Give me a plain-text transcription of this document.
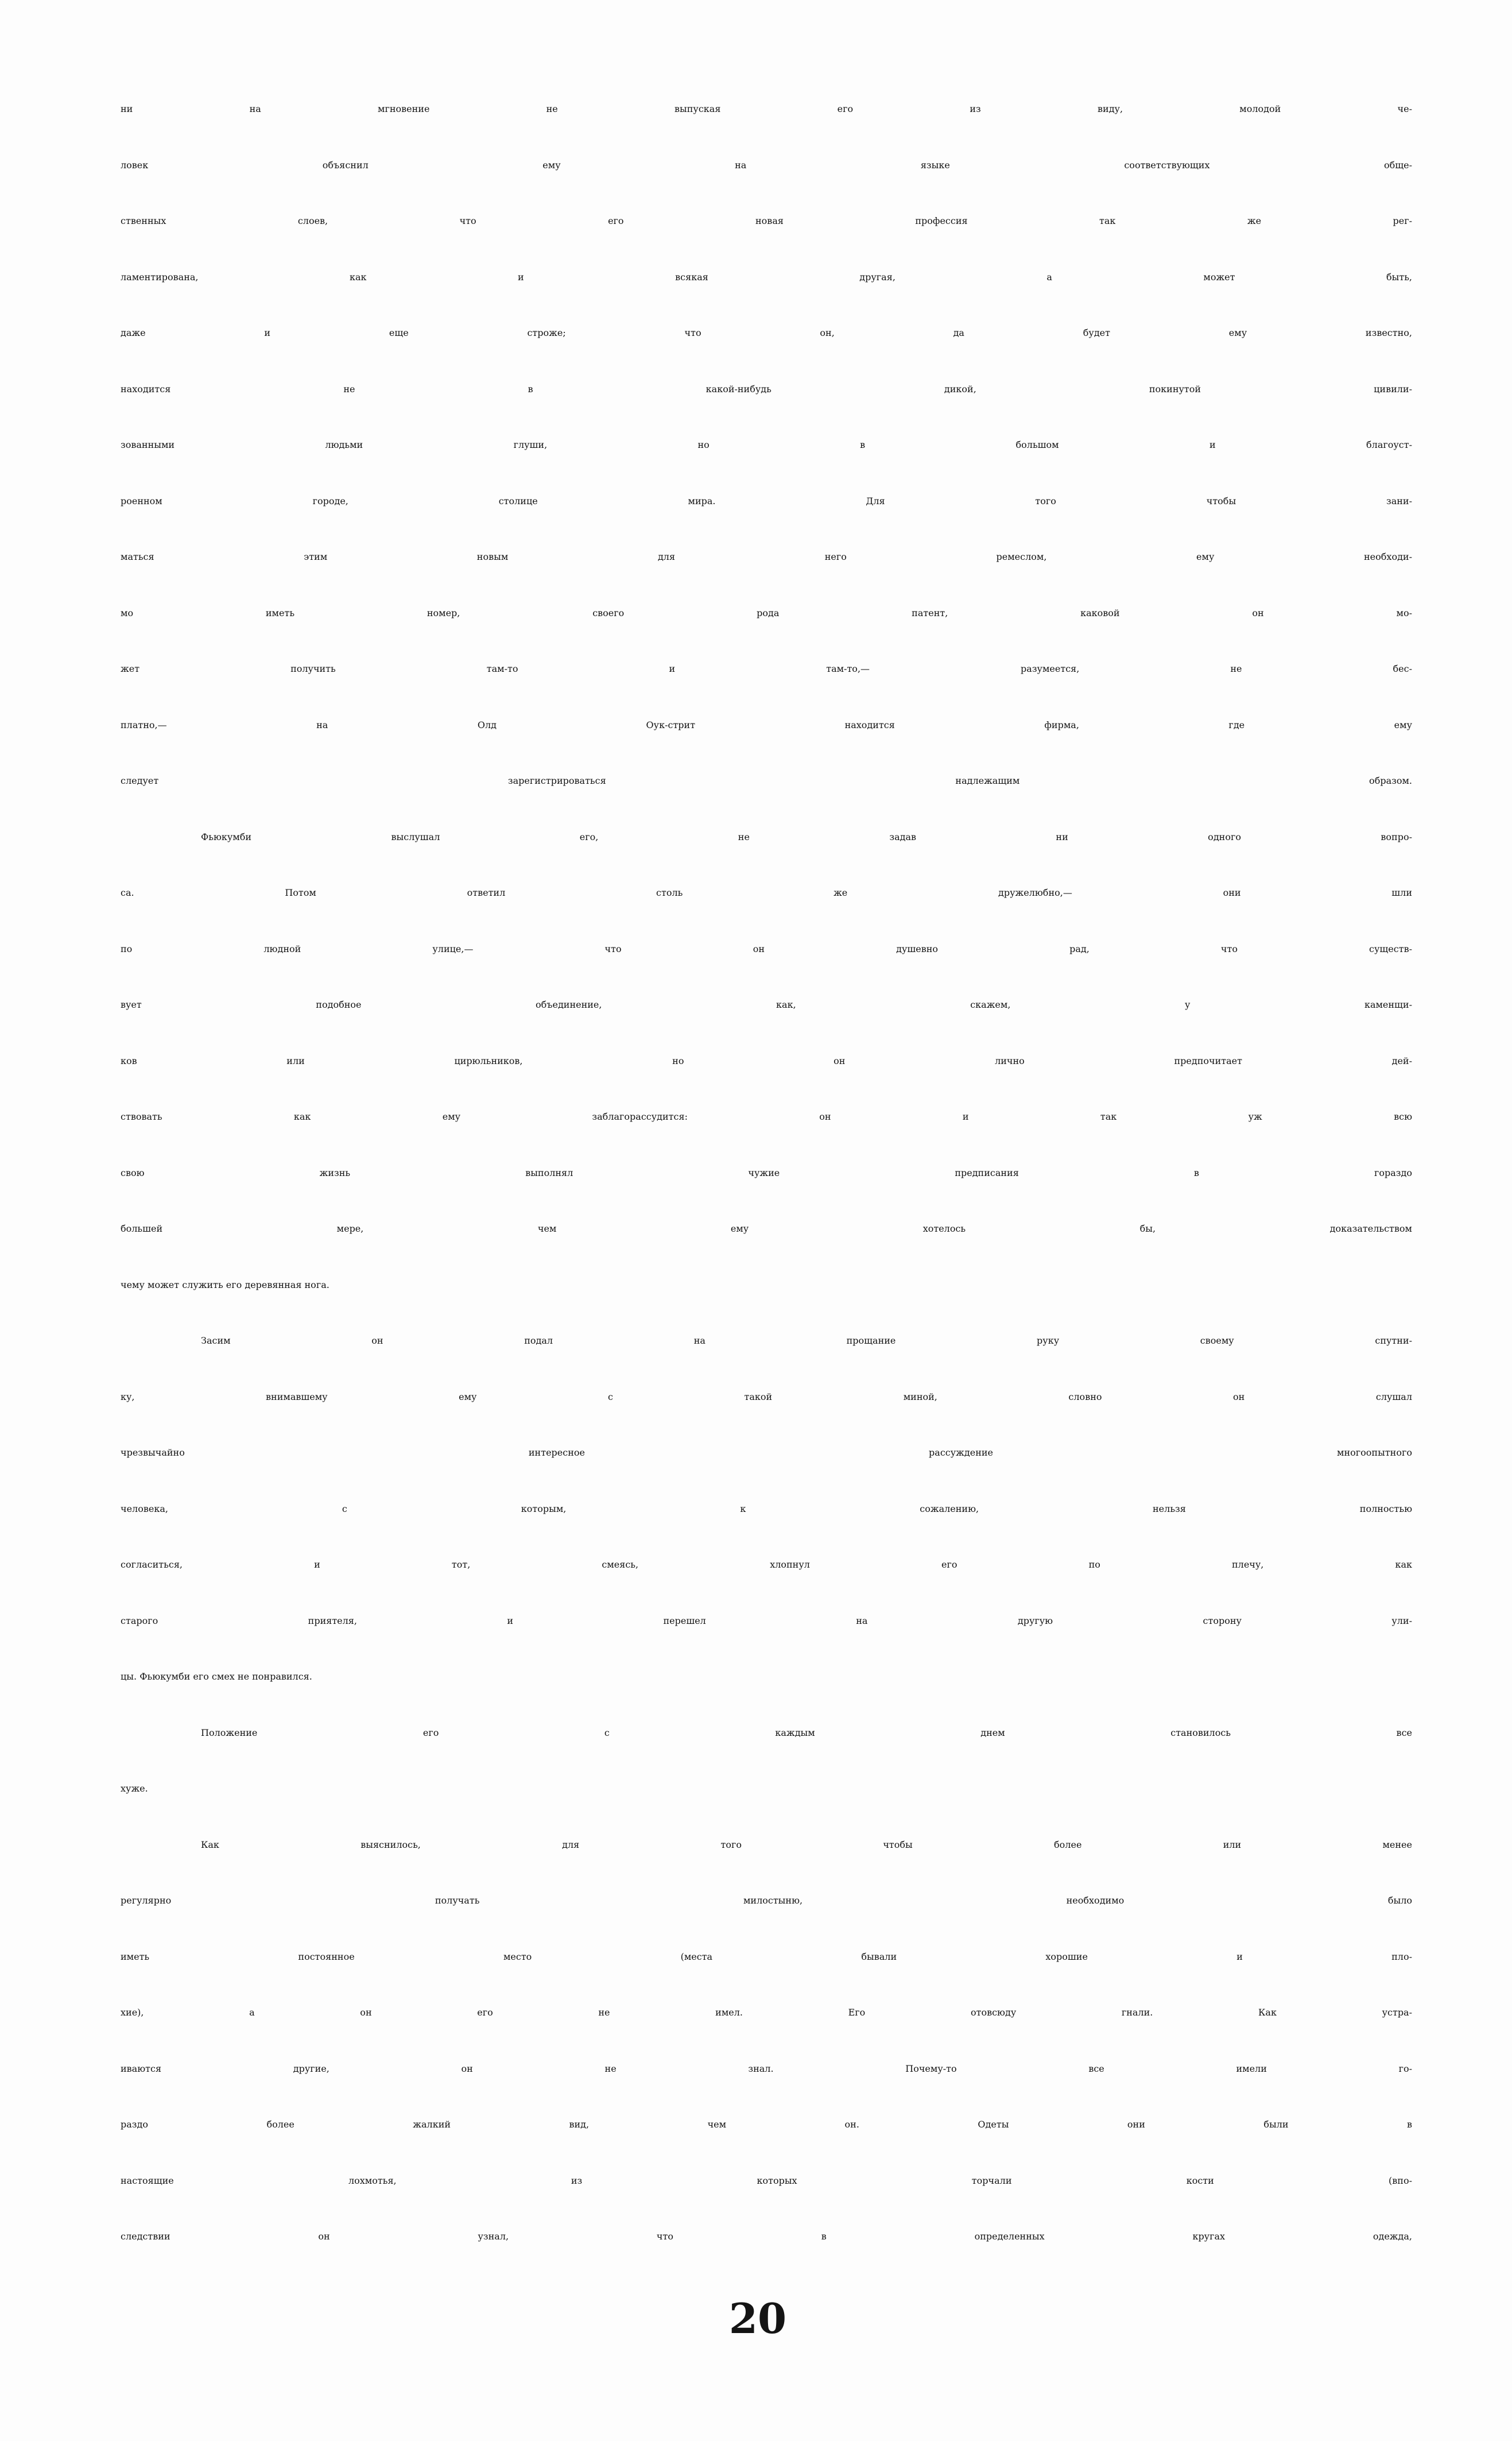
ни на мгновение не выпуская его из виду, молодой че-
ловек объяснил ему на языке соответствующих обще-
ственных слоев, что его новая профессия так же рег-
ламентирована, как и всякая другая, а может быть,
даже и еще строже; что он, да будет ему известно,
находится не в какой-нибудь дикой, покинутой цивили-
зованными людьми глуши, но в большом и благоуст-
роенном городе, столице мира. Для того чтобы зани-
маться этим новым для него ремеслом, ему необходи-
мо иметь номер, своего рода патент, каковой он мо-
жет получить там-то и там-то,— разумеется, не бес-
платно,— на Олд Оук-стрит находится фирма, где ему
следует зарегистрироваться надлежащим образом.
Фьюкумби выслушал его, не задав ни одного вопро-
са. Потом ответил столь же дружелюбно,— они шли
по людной улице,— что он душевно рад, что существ-
вует подобное объединение, как, скажем, у каменщи-
ков или цирюльников, но он лично предпочитает дей-
ствовать как ему заблагорассудится: он и так уж всю
свою жизнь выполнял чужие предписания в гораздо
большей мере, чем ему хотелось бы, доказательством
чему может служить его деревянная нога.
Засим он подал на прощание руку своему спутни-
ку, внимавшему ему с такой миной, словно он слушал
чрезвычайно интересное рассуждение многоопытного
человека, с которым, к сожалению, нельзя полностью
согласиться, и тот, смеясь, хлопнул его по плечу, как
старого приятеля, и перешел на другую сторону ули-
цы. Фьюкумби его смех не понравился.
Положение его с каждым днем становилось все
хуже.
Как выяснилось, для того чтобы более или менее
регулярно получать милостыню, необходимо было
иметь постоянное место (места бывали хорошие и пло-
хие), а он его не имел. Его отовсюду гнали. Как устра-
иваются другие, он не знал. Почему-то все имели го-
раздо более жалкий вид, чем он. Одеты они были в
настоящие лохмотья, из которых торчали кости (впо-
следствии он узнал, что в определенных кругах одежда,
20
